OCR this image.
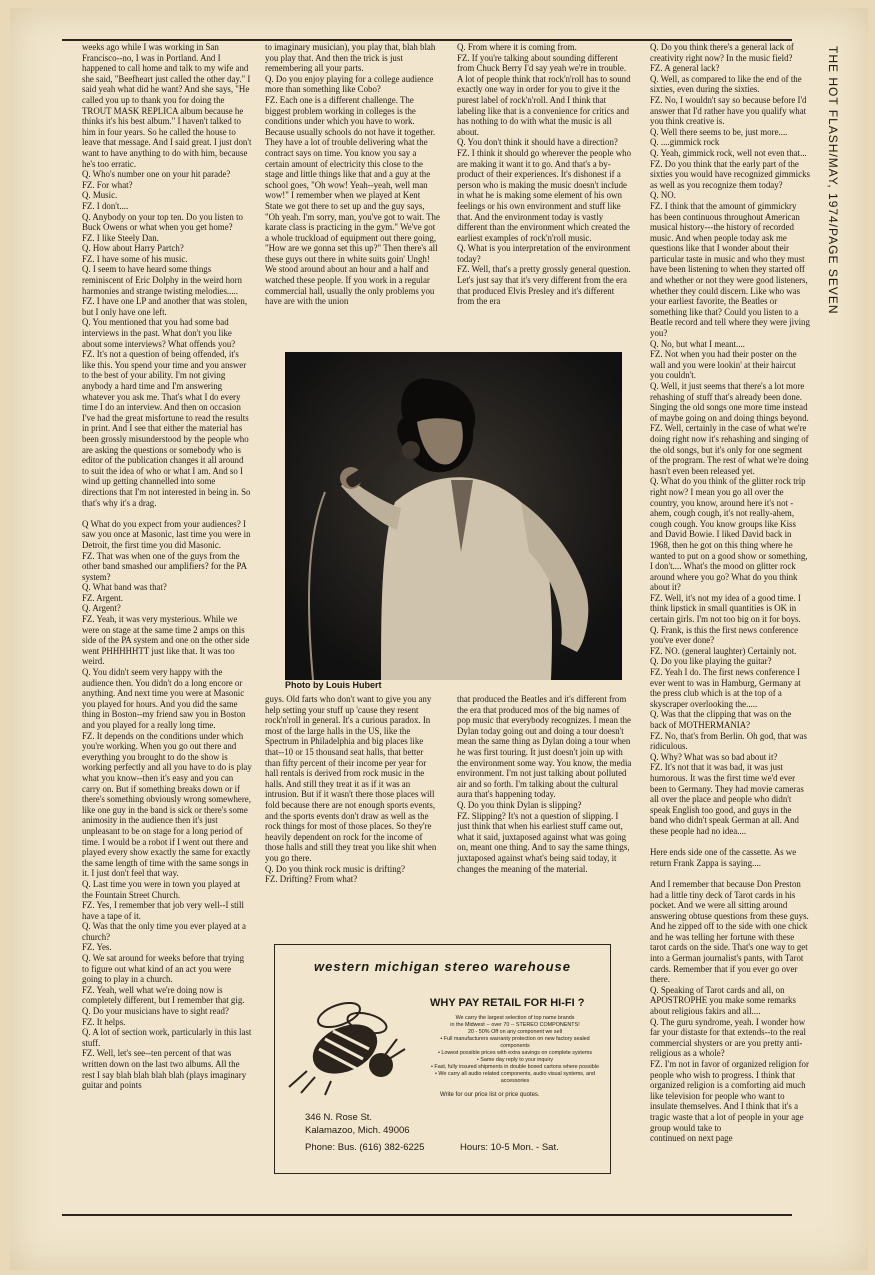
THE HOT FLASH/MAY, 1974/PAGE SEVEN

weeks ago while I was working in San Francisco--no, I was in Portland. And I happened to call home and talk to my wife and she said, "Beefheart just called the other day." I said yeah what did he want? And she says, "He called you up to thank you for doing the TROUT MASK REPLICA album because he thinks it's his best album." I haven't talked to him in four years. So he called the house to leave that message. And I said great. I just don't want to have anything to do with him, because he's too erratic.
Q. Who's number one on your hit parade?
FZ. For what?
Q. Music.
FZ. I don't....
Q. Anybody on your top ten. Do you listen to Buck Owens or what when you get home?
FZ. I like Steely Dan.
Q. How about Harry Partch?
FZ. I have some of his music.
Q. I seem to have heard some things reminiscent of Eric Dolphy in the weird horn harmonies and strange twisting melodies.....
FZ. I have one LP and another that was stolen, but I only have one left.
Q. You mentioned that you had some bad interviews in the past. What don't you like about some interviews? What offends you?
FZ. It's not a question of being offended, it's like this. You spend your time and you answer to the best of your ability. I'm not giving anybody a hard time and I'm answering whatever you ask me. That's what I do every time I do an interview. And then on occasion I've had the great misfortune to read the results in print. And I see that either the material has been grossly misunderstood by the people who are asking the questions or somebody who is editor of the publication changes it all around to suit the idea of who or what I am. And so I wind up getting channelled into some directions that I'm not interested in being in. So that's why it's a drag.

Q What do you expect from your audiences? I saw you once at Masonic, last time you were in Detroit, the first time you did Masonic.
FZ. That was when one of the guys from the other band smashed our amplifiers? for the PA system?
Q. What band was that?
FZ. Argent.
Q. Argent?
FZ. Yeah, it was very mysterious. While we were on stage at the same time 2 amps on this side of the PA system and one on the other side went PHHHHHTT just like that. It was too weird.
Q. You didn't seem very happy with the audience then. You didn't do a long encore or anything. And next time you were at Masonic you played for hours. And you did the same thing in Boston--my friend saw you in Boston and you played for a really long time.
FZ. It depends on the conditions under which you're working. When you go out there and everything you brought to do the show is working perfectly and all you have to do is play what you know--then it's easy and you can carry on. But if something breaks down or if there's something obviously wrong somewhere, like one guy in the band is sick or there's some animosity in the audience then it's just unpleasant to be on stage for a long period of time. I would be a robot if I went out there and played every show exactly the same for exactly the same length of time with the same songs in it. I just don't feel that way.
Q. Last time you were in town you played at the Fountain Street Church.
FZ. Yes, I remember that job very well--I still have a tape of it.
Q. Was that the only time you ever played at a church?
FZ. Yes.
Q. We sat around for weeks before that trying to figure out what kind of an act you were going to play in a church.
FZ. Yeah, well what we're doing now is completely different, but I remember that gig.
Q. Do your musicians have to sight read?
FZ. It helps.
Q. A lot of section work, particularly in this last stuff.
FZ. Well, let's see--ten percent of that was written down on the last two albums. All the rest I say blah blah blah blah (plays imaginary guitar and points

to imaginary musician), you play that, blah blah you play that. And then the trick is just remembering all your parts.
Q. Do you enjoy playing for a college audience more than something like Cobo?
FZ. Each one is a different challenge. The biggest problem working in colleges is the conditions under which you have to work. Because usually schools do not have it together. They have a lot of trouble delivering what the contract says on time. You know you say a certain amount of electricity this close to the stage and little things like that and a guy at the school goes, "Oh wow! Yeah--yeah, well man wow!" I remember when we played at Kent State we got there to set up and the guy says, "Oh yeah. I'm sorry, man, you've got to wait. The karate class is practicing in the gym." We've got a whole truckload of equipment out there going, "How are we gonna set this up?" Then there's all these guys out there in white suits goin' Ungh! We stood around about an hour and a half and watched these people. If you work in a regular commercial hall, usually the only problems you have are with the union

Q. From where it is coming from.
FZ. If you're talking about sounding different from Chuck Berry I'd say yeah we're in trouble. A lot of people think that rock'n'roll has to sound exactly one way in order for you to give it the purest label of rock'n'roll. And I think that labeling like that is a convenience for critics and has nothing to do with what the music is all about.
Q. You don't think it should have a direction?
FZ. I think it should go wherever the people who are making it want it to go. And that's a by-product of their experiences. It's dishonest if a person who is making the music doesn't include in what he is making some element of his own feelings or his own environment and stuff like that. And the environment today is vastly different than the environment which created the earliest examples of rock'n'roll music.
Q. What is you interpretation of the environment today?
FZ. Well, that's a pretty grossly general question. Let's just say that it's very different from the era that produced Elvis Presley and it's different from the era

guys. Old farts who don't want to give you any help setting your stuff up 'cause they resent rock'n'roll in general. It's a curious paradox. In most of the large halls in the US, like the Spectrum in Philadelphia and big places like that--10 or 15 thousand seat halls, that better than fifty percent of their income per year for hall rentals is derived from rock music in the halls. And still they treat it as if it was an intrusion. But if it wasn't there those places will fold because there are not enough sports events, and the sports events don't draw as well as the rock things for most of those places. So they're heavily dependent on rock for the income of those halls and still they treat you like shit when you go there.
Q. Do you think rock music is drifting?
FZ. Drifting? From what?

that produced the Beatles and it's different from the era that produced mos of the big names of pop music that everybody recognizes. I mean the Dylan today going out and doing a tour doesn't mean the same thing as Dylan doing a tour when he was first touring. It just doesn't join up with the environment some way. You know, the media environment. I'm not just talking about polluted air and so forth. I'm talking about the cultural aura that's happening today.
Q. Do you think Dylan is slipping?
FZ. Slipping? It's not a question of slipping. I just think that when his earliest stuff came out, what it said, juxtaposed against what was going on, meant one thing. And to say the same things, juxtaposed against what's being said today, it changes the meaning of the material.

Q. Do you think there's a general lack of creativity right now? In the music field?
FZ. A general lack?
Q. Well, as compared to like the end of the sixties, even during the sixties.
FZ. No, I wouldn't say so because before I'd answer that I'd rather have you qualify what you think creative is.
Q. Well there seems to be, just more....
Q. ....gimmick rock
Q. Yeah, gimmick rock, well not even that...
FZ. Do you think that the early part of the sixties you would have recognized gimmicks as well as you recognize them today?
Q. NO.
FZ. I think that the amount of gimmickry has been continuous throughout American musical history---the history of recorded music. And when people today ask me questions like that I wonder about their particular taste in music and who they must have been listening to when they started off and whether or not they were good listeners, whether they could discern. Like who was your earliest favorite, the Beatles or something like that? Could you listen to a Beatle record and tell where they were jiving you?
Q. No, but what I meant....
FZ. Not when you had their poster on the wall and you were lookin' at their haircut you couldn't.
Q. Well, it just seems that there's a lot more rehashing of stuff that's already been done. Singing the old songs one more time instead of maybe going on and doing things beyond.
FZ. Well, certainly in the case of what we're doing right now it's rehashing and singing of the old songs, but it's only for one segment of the program. The rest of what we're doing hasn't even been released yet.
Q. What do you think of the glitter rock trip right now? I mean you go all over the country, you know, around here it's not -ahem, cough cough, it's not really-ahem, cough cough. You know groups like Kiss and David Bowie. I liked David back in 1968, then he got on this thing where he wanted to put on a good show or something, I don't.... What's the mood on glitter rock around where you go? What do you think about it?
FZ. Well, it's not my idea of a good time. I think lipstick in small quantities is OK in certain girls. I'm not too big on it for boys.
Q. Frank, is this the first news conference you've ever done?
FZ. NO. (general laughter) Certainly not.
Q. Do you like playing the guitar?
FZ. Yeah I do. The first news conference I ever went to was in Hamburg, Germany at the press club which is at the top of a skyscraper overlooking the.....
Q. Was that the clipping that was on the back of MOTHERMANIA?
FZ. No, that's from Berlin. Oh god, that was ridiculous.
Q. Why? What was so bad about it?
FZ. It's not that it was bad, it was just humorous. It was the first time we'd ever been to Germany. They had movie cameras all over the place and people who didn't speak English too good, and guys in the band who didn't speak German at all. And these people had no idea....

Here ends side one of the cassette. As we return Frank Zappa is saying....

And I remember that because Don Preston had a little tiny deck of Tarot cards in his pocket. And we were all sitting around answering obtuse questions from these guys. And he zipped off to the side with one chick and he was telling her fortune with these tarot cards on the side. That's one way to get into a German journalist's pants, with Tarot cards. Remember that if you ever go over there.
Q. Speaking of Tarot cards and all, on APOSTROPHE you make some remarks about religious fakirs and all....
Q. The guru syndrome, yeah. I wonder how far your distaste for that extends--to the real commercial shysters or are you pretty anti-religious as a whole?
FZ. I'm not in favor of organized religion for people who wish to progress. I think that organized religion is a comforting aid much like television for people who want to insulate themselves. And I think that it's a tragic waste that a lot of people in your age group would take to
continued on next page

Photo by Louis Hubert
western michigan stereo warehouse
WHY PAY RETAIL FOR HI-FI ?

We carry the largest selection of top name brands

in the Midwest -- over 70 -- STEREO COMPONENTS!

20 - 50% Off on any component we sell

• Full manufacturers warranty protection on new factory sealed components

• Lowest possible prices with extra savings on complete systems

• Same day reply to your inquiry

• Fast, fully insured shipments in double boxed cartons where possible

• We carry all audio related components, audio visual systems, and accessories

Write for our price list or price quotes.
346 N. Rose St.
Kalamazoo, Mich. 49006
Phone: Bus. (616) 382-6225	Hours: 10-5 Mon. - Sat.
